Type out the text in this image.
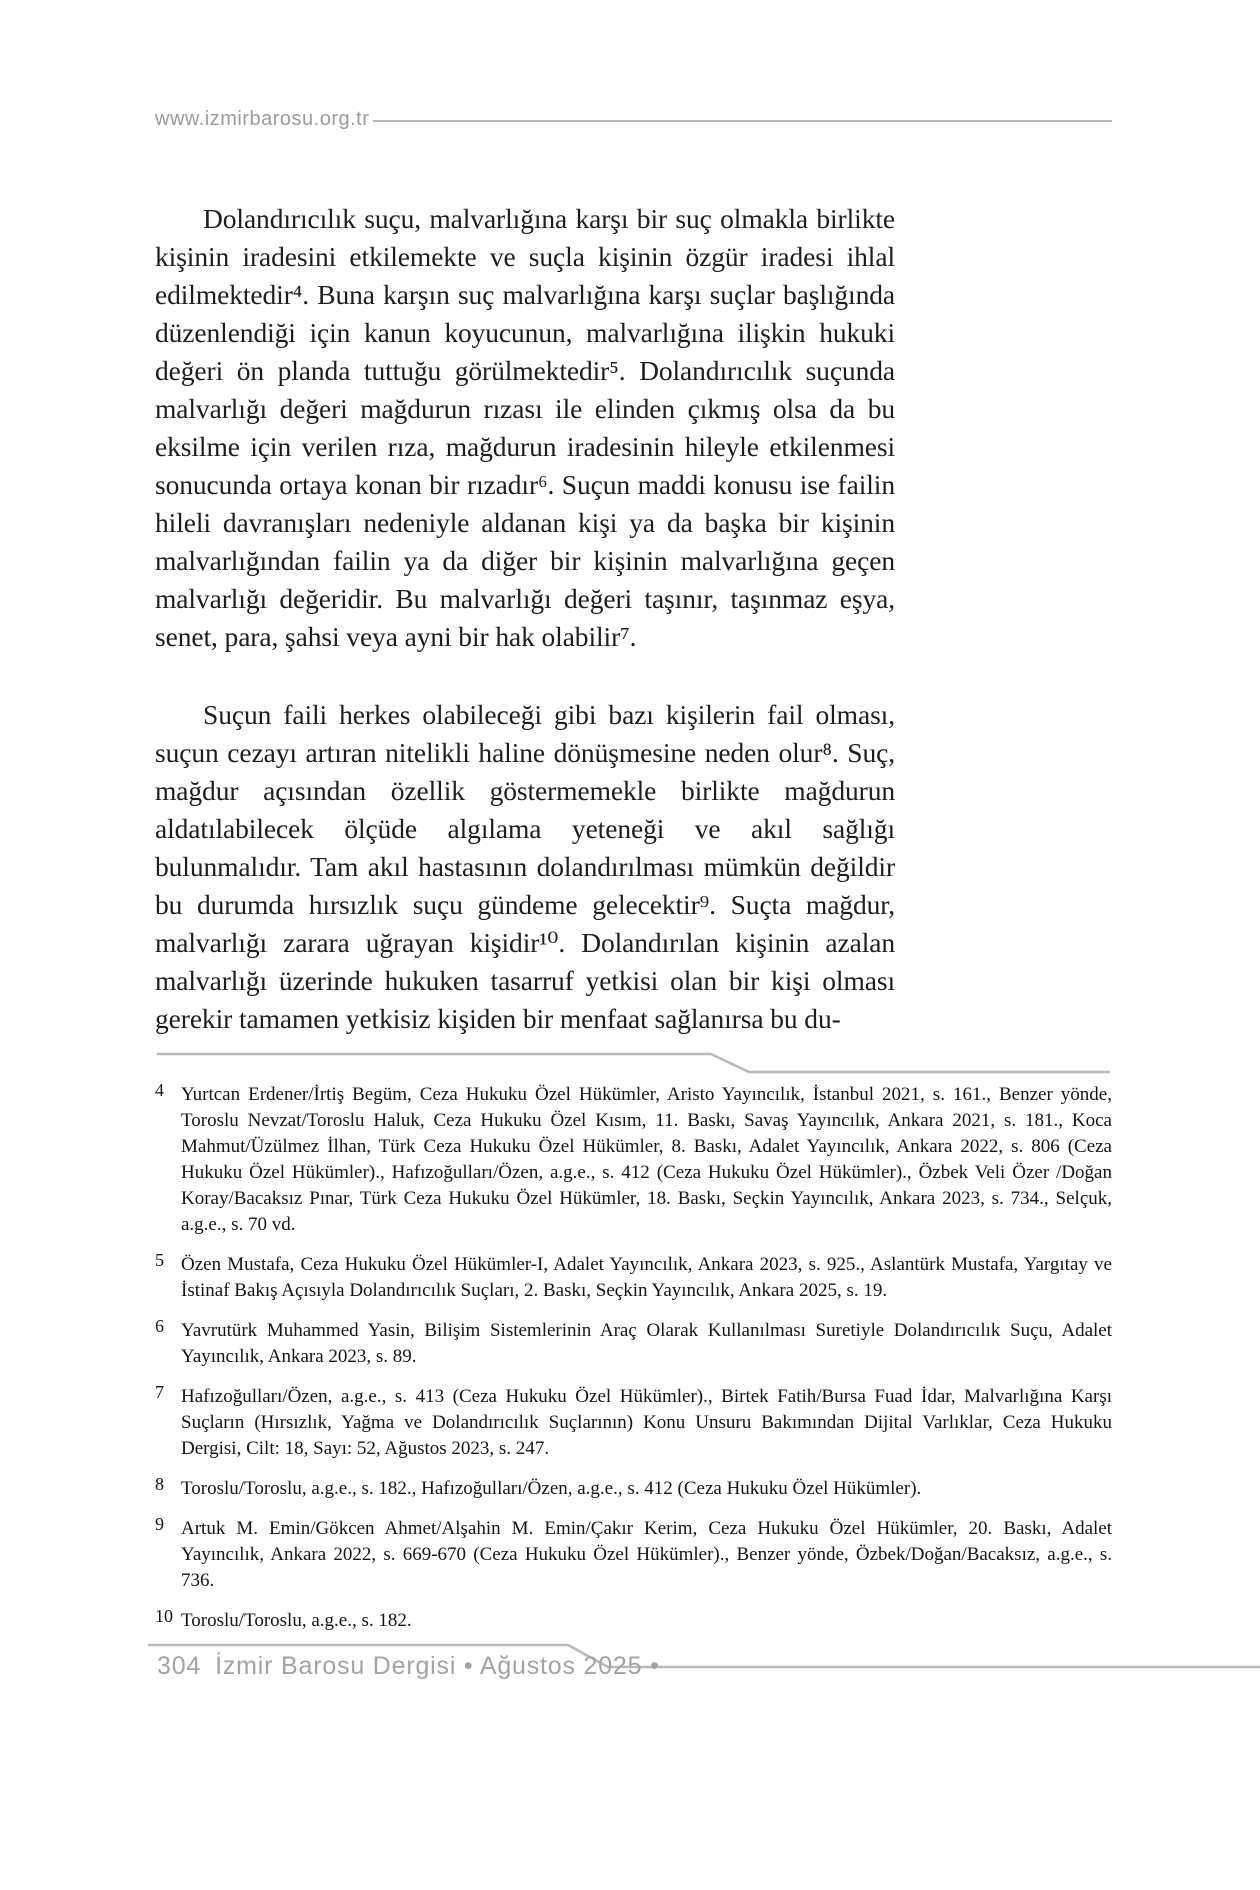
www.izmirbarosu.org.tr

Dolandırıcılık suçu, malvarlığına karşı bir suç olmakla birlikte kişinin iradesini etkilemekte ve suçla kişinin özgür iradesi ihlal edilmektedir⁴. Buna karşın suç malvarlığına karşı suçlar başlığında düzenlendiği için kanun koyucunun, malvarlığına ilişkin hukuki değeri ön planda tuttuğu görülmektedir⁵. Dolandırıcılık suçunda malvarlığı değeri mağdurun rızası ile elinden çıkmış olsa da bu eksilme için verilen rıza, mağdurun iradesinin hileyle etkilenmesi sonucunda ortaya konan bir rızadır⁶. Suçun maddi konusu ise failin hileli davranışları nedeniyle aldanan kişi ya da başka bir kişinin malvarlığından failin ya da diğer bir kişinin malvarlığına geçen malvarlığı değeridir. Bu malvarlığı değeri taşınır, taşınmaz eşya, senet, para, şahsi veya ayni bir hak olabilir⁷.

Suçun faili herkes olabileceği gibi bazı kişilerin fail olması, suçun cezayı artıran nitelikli haline dönüşmesine neden olur⁸. Suç, mağdur açısından özellik göstermemekle birlikte mağdurun aldatılabilecek ölçüde algılama yeteneği ve akıl sağlığı bulunmalıdır. Tam akıl hastasının dolandırılması mümkün değildir bu durumda hırsızlık suçu gündeme gelecektir⁹. Suçta mağdur, malvarlığı zarara uğrayan kişidir¹⁰. Dolandırılan kişinin azalan malvarlığı üzerinde hukuken tasarruf yetkisi olan bir kişi olması gerekir tamamen yetkisiz kişiden bir menfaat sağlanırsa bu du-

4 Yurtcan Erdener/İrtiş Begüm, Ceza Hukuku Özel Hükümler, Aristo Yayıncılık, İstanbul 2021, s. 161., Benzer yönde, Toroslu Nevzat/Toroslu Haluk, Ceza Hukuku Özel Kısım, 11. Baskı, Savaş Yayıncılık, Ankara 2021, s. 181., Koca Mahmut/Üzülmez İlhan, Türk Ceza Hukuku Özel Hükümler, 8. Baskı, Adalet Yayıncılık, Ankara 2022, s. 806 (Ceza Hukuku Özel Hükümler)., Hafızoğulları/Özen, a.g.e., s. 412 (Ceza Hukuku Özel Hükümler)., Özbek Veli Özer /Doğan Koray/Bacaksız Pınar, Türk Ceza Hukuku Özel Hükümler, 18. Baskı, Seçkin Yayıncılık, Ankara 2023, s. 734., Selçuk, a.g.e., s. 70 vd.
5 Özen Mustafa, Ceza Hukuku Özel Hükümler-I, Adalet Yayıncılık, Ankara 2023, s. 925., Aslantürk Mustafa, Yargıtay ve İstinaf Bakış Açısıyla Dolandırıcılık Suçları, 2. Baskı, Seçkin Yayıncılık, Ankara 2025, s. 19.
6 Yavrutürk Muhammed Yasin, Bilişim Sistemlerinin Araç Olarak Kullanılması Suretiyle Dolandırıcılık Suçu, Adalet Yayıncılık, Ankara 2023, s. 89.
7 Hafızoğulları/Özen, a.g.e., s. 413 (Ceza Hukuku Özel Hükümler)., Birtek Fatih/Bursa Fuad İdar, Malvarlığına Karşı Suçların (Hırsızlık, Yağma ve Dolandırıcılık Suçlarının) Konu Unsuru Bakımından Dijital Varlıklar, Ceza Hukuku Dergisi, Cilt: 18, Sayı: 52, Ağustos 2023, s. 247.
8 Toroslu/Toroslu, a.g.e., s. 182., Hafızoğulları/Özen, a.g.e., s. 412 (Ceza Hukuku Özel Hükümler).
9 Artuk M. Emin/Gökcen Ahmet/Alşahin M. Emin/Çakır Kerim, Ceza Hukuku Özel Hükümler, 20. Baskı, Adalet Yayıncılık, Ankara 2022, s. 669-670 (Ceza Hukuku Özel Hükümler)., Benzer yönde, Özbek/Doğan/Bacaksız, a.g.e., s. 736.
10 Toroslu/Toroslu, a.g.e., s. 182.
304 İzmir Barosu Dergisi • Ağustos 2025 •
